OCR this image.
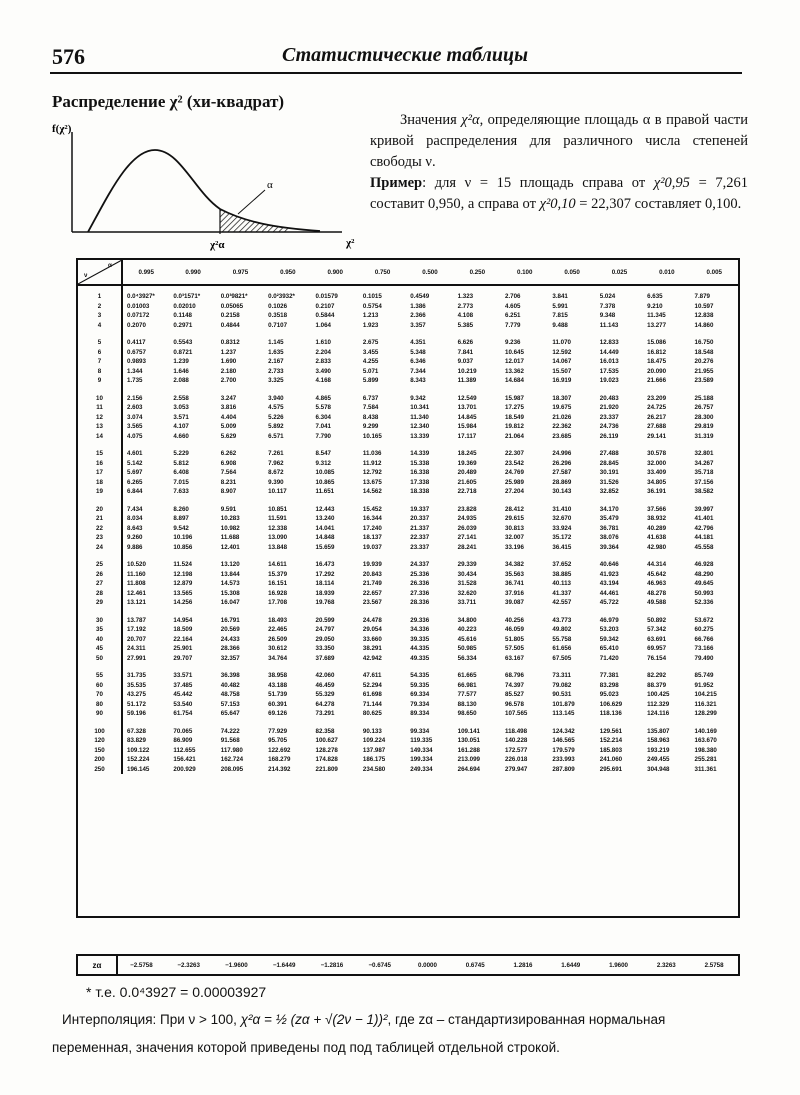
576	Статистические таблицы
Распределение χ² (хи-квадрат)
α
χ²α
f(χ²)
χ²
Значения χ²α, определяющие площадь α в правой части кривой распределения для различного числа степеней свободы ν.
Пример: для ν = 15 площадь справа от χ²0,95 = 7,261 составит 0,950, а справа от χ²0,10 = 22,307 составляет 0,100.
ν
α	0.995	0.990	0.975	0.950	0.900	0.750	0.500	0.250	0.100	0.050	0.025	0.010	0.005
1	0.0⁴3927*	0.0³1571*	0.0³9821*	0.0²3932*	0.01579	0.1015	0.4549	1.323	2.706	3.841	5.024	6.635	7.879
2	0.01003	0.02010	0.05065	0.1026	0.2107	0.5754	1.386	2.773	4.605	5.991	7.378	9.210	10.597
3	0.07172	0.1148	0.2158	0.3518	0.5844	1.213	2.366	4.108	6.251	7.815	9.348	11.345	12.838
4	0.2070	0.2971	0.4844	0.7107	1.064	1.923	3.357	5.385	7.779	9.488	11.143	13.277	14.860
5	0.4117	0.5543	0.8312	1.145	1.610	2.675	4.351	6.626	9.236	11.070	12.833	15.086	16.750
6	0.6757	0.8721	1.237	1.635	2.204	3.455	5.348	7.841	10.645	12.592	14.449	16.812	18.548
7	0.9893	1.239	1.690	2.167	2.833	4.255	6.346	9.037	12.017	14.067	16.013	18.475	20.276
8	1.344	1.646	2.180	2.733	3.490	5.071	7.344	10.219	13.362	15.507	17.535	20.090	21.955
9	1.735	2.088	2.700	3.325	4.168	5.899	8.343	11.389	14.684	16.919	19.023	21.666	23.589
10	2.156	2.558	3.247	3.940	4.865	6.737	9.342	12.549	15.987	18.307	20.483	23.209	25.188
11	2.603	3.053	3.816	4.575	5.578	7.584	10.341	13.701	17.275	19.675	21.920	24.725	26.757
12	3.074	3.571	4.404	5.226	6.304	8.438	11.340	14.845	18.549	21.026	23.337	26.217	28.300
13	3.565	4.107	5.009	5.892	7.041	9.299	12.340	15.984	19.812	22.362	24.736	27.688	29.819
14	4.075	4.660	5.629	6.571	7.790	10.165	13.339	17.117	21.064	23.685	26.119	29.141	31.319
15	4.601	5.229	6.262	7.261	8.547	11.036	14.339	18.245	22.307	24.996	27.488	30.578	32.801
16	5.142	5.812	6.908	7.962	9.312	11.912	15.338	19.369	23.542	26.296	28.845	32.000	34.267
17	5.697	6.408	7.564	8.672	10.085	12.792	16.338	20.489	24.769	27.587	30.191	33.409	35.718
18	6.265	7.015	8.231	9.390	10.865	13.675	17.338	21.605	25.989	28.869	31.526	34.805	37.156
19	6.844	7.633	8.907	10.117	11.651	14.562	18.338	22.718	27.204	30.143	32.852	36.191	38.582
20	7.434	8.260	9.591	10.851	12.443	15.452	19.337	23.828	28.412	31.410	34.170	37.566	39.997
21	8.034	8.897	10.283	11.591	13.240	16.344	20.337	24.935	29.615	32.670	35.479	38.932	41.401
22	8.643	9.542	10.982	12.338	14.041	17.240	21.337	26.039	30.813	33.924	36.781	40.289	42.796
23	9.260	10.196	11.688	13.090	14.848	18.137	22.337	27.141	32.007	35.172	38.076	41.638	44.181
24	9.886	10.856	12.401	13.848	15.659	19.037	23.337	28.241	33.196	36.415	39.364	42.980	45.558
25	10.520	11.524	13.120	14.611	16.473	19.939	24.337	29.339	34.382	37.652	40.646	44.314	46.928
26	11.160	12.198	13.844	15.379	17.292	20.843	25.336	30.434	35.563	38.885	41.923	45.642	48.290
27	11.808	12.879	14.573	16.151	18.114	21.749	26.336	31.528	36.741	40.113	43.194	46.963	49.645
28	12.461	13.565	15.308	16.928	18.939	22.657	27.336	32.620	37.916	41.337	44.461	48.278	50.993
29	13.121	14.256	16.047	17.708	19.768	23.567	28.336	33.711	39.087	42.557	45.722	49.588	52.336
30	13.787	14.954	16.791	18.493	20.599	24.478	29.336	34.800	40.256	43.773	46.979	50.892	53.672
35	17.192	18.509	20.569	22.465	24.797	29.054	34.336	40.223	46.059	49.802	53.203	57.342	60.275
40	20.707	22.164	24.433	26.509	29.050	33.660	39.335	45.616	51.805	55.758	59.342	63.691	66.766
45	24.311	25.901	28.366	30.612	33.350	38.291	44.335	50.985	57.505	61.656	65.410	69.957	73.166
50	27.991	29.707	32.357	34.764	37.689	42.942	49.335	56.334	63.167	67.505	71.420	76.154	79.490
55	31.735	33.571	36.398	38.958	42.060	47.611	54.335	61.665	68.796	73.311	77.381	82.292	85.749
60	35.535	37.485	40.482	43.188	46.459	52.294	59.335	66.981	74.397	79.082	83.298	88.379	91.952
70	43.275	45.442	48.758	51.739	55.329	61.698	69.334	77.577	85.527	90.531	95.023	100.425	104.215
80	51.172	53.540	57.153	60.391	64.278	71.144	79.334	88.130	96.578	101.879	106.629	112.329	116.321
90	59.196	61.754	65.647	69.126	73.291	80.625	89.334	98.650	107.565	113.145	118.136	124.116	128.299
100	67.328	70.065	74.222	77.929	82.358	90.133	99.334	109.141	118.498	124.342	129.561	135.807	140.169
120	83.829	86.909	91.568	95.705	100.627	109.224	119.335	130.051	140.228	146.565	152.214	158.963	163.670
150	109.122	112.655	117.980	122.692	128.278	137.987	149.334	161.288	172.577	179.579	185.803	193.219	198.380
200	152.224	156.421	162.724	168.279	174.828	186.175	199.334	213.099	226.018	233.993	241.060	249.455	255.281
250	196.145	200.929	208.095	214.392	221.809	234.580	249.334	264.694	279.947	287.809	295.691	304.948	311.361
zα	−2.5758	−2.3263	−1.9600	−1.6449	−1.2816	−0.6745	0.0000	0.6745	1.2816	1.6449	1.9600	2.3263	2.5758
* т.е. 0.0⁴3927 = 0.00003927
Интерполяция: При ν > 100, χ²α = ½ (zα + √(2ν − 1))², где zα – стандартизированная нормальная
переменная, значения которой приведены под под таблицей отдельной строкой.
